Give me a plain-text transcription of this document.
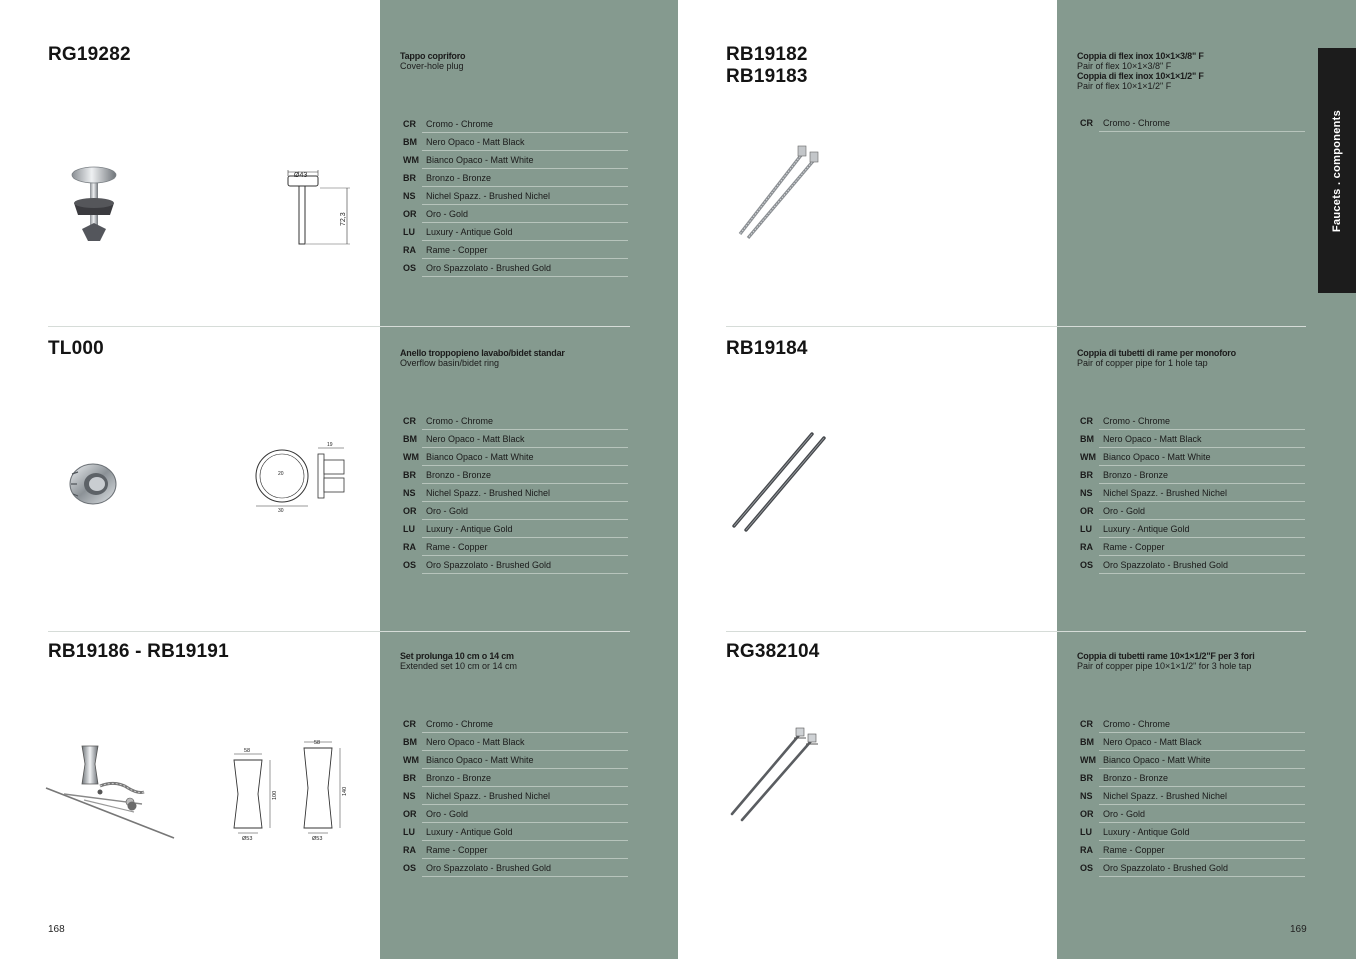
Faucets . components
RG19282	Tappo copriforo
Cover-hole plug
CR	Cromo - Chrome
BM	Nero Opaco - Matt Black
WM Bianco Opaco - Matt White
BR	Bronzo - Bronze
NS	Nichel Spazz. - Brushed Nichel
OR	Oro - Gold
LU	Luxury - Antique Gold
RA	Rame - Copper
OS	Oro Spazzolato - Brushed Gold
Ø43
72,3
TL000	Anello troppopieno lavabo/bidet standar
Overflow basin/bidet ring
CR	Cromo - Chrome
BM	Nero Opaco - Matt Black
WM Bianco Opaco - Matt White
BR	Bronzo - Bronze
NS	Nichel Spazz. - Brushed Nichel
OR	Oro - Gold
LU	Luxury - Antique Gold
RA	Rame - Copper
OS	Oro Spazzolato - Brushed Gold
20
30
19
RB19186 - RB19191	Set prolunga 10 cm o 14 cm
Extended set 10 cm or 14 cm
CR	Cromo - Chrome
BM	Nero Opaco - Matt Black
WM Bianco Opaco - Matt White
BR	Bronzo - Bronze
NS	Nichel Spazz. - Brushed Nichel
OR	Oro - Gold
LU	Luxury - Antique Gold
RA	Rame - Copper
OS	Oro Spazzolato - Brushed Gold
58
100
Ø53
58
140
Ø53
RB19182
RB19183
Coppia di flex inox 10×1×3/8" F
Pair of flex 10×1×3/8" F
Coppia di flex inox 10×1×1/2" F
Pair of flex 10×1×1/2" F
CR	Cromo - Chrome
RB19184	Coppia di tubetti di rame per monoforo
Pair of copper pipe for 1 hole tap
CR	Cromo - Chrome
BM	Nero Opaco - Matt Black
WM Bianco Opaco - Matt White
BR	Bronzo - Bronze
NS	Nichel Spazz. - Brushed Nichel
OR	Oro - Gold
LU	Luxury - Antique Gold
RA	Rame - Copper
OS	Oro Spazzolato - Brushed Gold
RG382104	Coppia di tubetti rame 10×1×1/2"F per 3 fori
Pair of copper pipe 10×1×1/2" for 3 hole tap
CR	Cromo - Chrome
BM	Nero Opaco - Matt Black
WM Bianco Opaco - Matt White
BR	Bronzo - Bronze
NS	Nichel Spazz. - Brushed Nichel
OR	Oro - Gold
LU	Luxury - Antique Gold
RA	Rame - Copper
OS	Oro Spazzolato - Brushed Gold
168	169
